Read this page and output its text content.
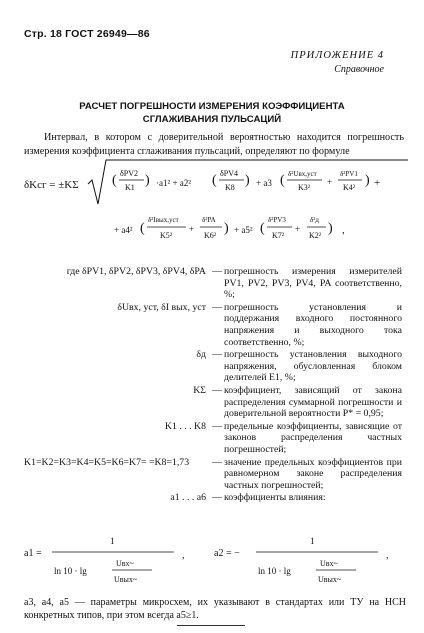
Стр. 18 ГОСТ 26949—86
ПРИЛОЖЕНИЕ 4
Справочное
РАСЧЕТ ПОГРЕШНОСТИ ИЗМЕРЕНИЯ КОЭФФИЦИЕНТА
СГЛАЖИВАНИЯ ПУЛЬСАЦИЙ
Интервал, в котором с доверительной вероятностью находится погрешность измерения коэффициента сглаживания пульсаций, определяют по формуле
δKсг = ±KΣ ( δPV2
K1 ) ·a1² + a2² ( δPV4
K8 ) + a3 ( δ²Uвх,уст
K3²
+
δ²PV1
K4² ) +
+ a4² (
δ²Iвых,уст
K5²
+
δ²PA
K6² ) + a5² (
δ²PV3
K7²
+
δ²д
K2² ) ,
где δPV1, δPV2, δPV3, δPV4, δPA — погрешность измерения измерителей PV1, PV2, PV3, PV4, PA соответственно, %;
δUвх, уст, δI вых, уст — погрешность установления и поддержания входного постоянного напряжения и выходного тока соответственно, %;
δд — погрешность установления выходного напряжения, обусловленная блоком делителей E1, %;
KΣ — коэффициент, зависящий от закона распределения суммарной погрешности и доверительной вероятности P* = 0,95;
K1 . . . K8 — предельные коэффициенты, зависящие от законов распределения частных погрешностей;
K1=K2=K3=K4=K5=K6=K7= =K8=1,73	— значение предельных коэффициентов при равномерном законе распределения частных погрешностей;
a1 . . . a6 — коэффициенты влияния:
a1 =
1
ln 10 · lg
Uвх~
Uвых~
,	a2 = −
1
ln 10 · lg
Uвх~
Uвых~
,
a3, a4, a5 — параметры микросхем, их указывают в стандартах или ТУ на НСН конкретных типов, при этом всегда a5≥1.
